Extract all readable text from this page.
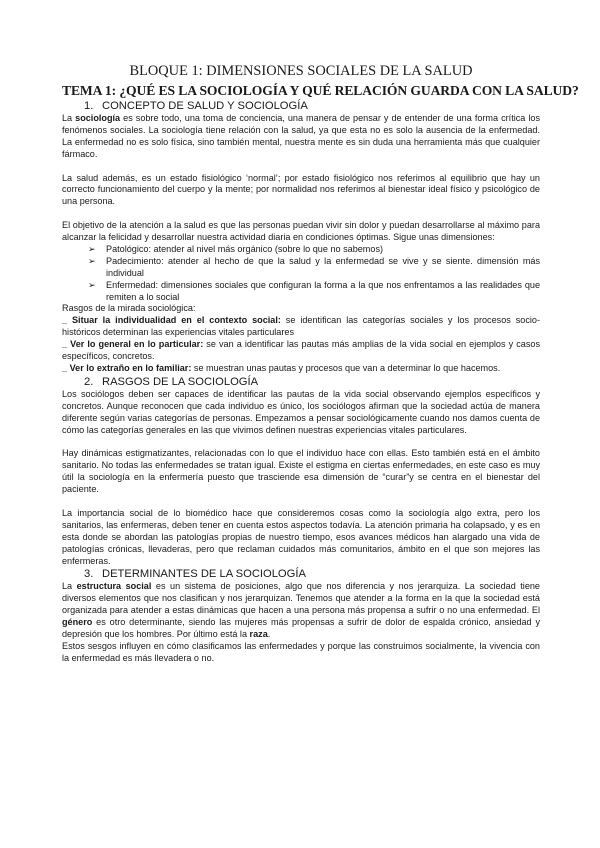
BLOQUE 1: DIMENSIONES SOCIALES DE LA SALUD
TEMA 1: ¿QUÉ ES LA SOCIOLOGÍA Y QUÉ RELACIÓN GUARDA CON LA SALUD?
1. CONCEPTO DE SALUD Y SOCIOLOGÍA

La sociología es sobre todo, una toma de conciencia, una manera de pensar y de entender de una forma crítica los fenómenos sociales. La sociología tiene relación con la salud, ya que esta no es solo la ausencia de la enfermedad. La enfermedad no es solo física, sino también mental, nuestra mente es sin duda una herramienta más que cualquier fármaco.

La salud además, es un estado fisiológico ‘normal’; por estado fisiológico nos referimos al equilibrio que hay un correcto funcionamiento del cuerpo y la mente; por normalidad nos referimos al bienestar ideal físico y psicológico de una persona.

El objetivo de la atención a la salud es que las personas puedan vivir sin dolor y puedan desarrollarse al máximo para alcanzar la felicidad y desarrollar nuestra actividad diaria en condiciones óptimas. Sigue unas dimensiones:

➢ Patológico: atender al nivel más orgánico (sobre lo que no sabemos)
➢ Padecimiento: atender al hecho de que la salud y la enfermedad se vive y se siente. dimensión más individual
➢ Enfermedad: dimensiones sociales que configuran la forma a la que nos enfrentamos a las realidades que remiten a lo social

Rasgos de la mirada sociológica:

_ Situar la individualidad en el contexto social: se identifican las categorías sociales y los procesos socio-históricos determinan las experiencias vitales particulares

_ Ver lo general en lo particular: se van a identificar las pautas más amplias de la vida social en ejemplos y casos específicos, concretos.

_ Ver lo extraño en lo familiar: se muestran unas pautas y procesos que van a determinar lo que hacemos.

2. RASGOS DE LA SOCIOLOGÍA

Los sociólogos deben ser capaces de identificar las pautas de la vida social observando ejemplos específicos y concretos. Aunque reconocen que cada individuo es único, los sociólogos afirman que la sociedad actúa de manera diferente según varias categorías de personas. Empezamos a pensar sociológicamente cuando nos damos cuenta de cómo las categorías generales en las que vivimos definen nuestras experiencias vitales particulares.

Hay dinámicas estigmatizantes, relacionadas con lo que el individuo hace con ellas. Esto también está en el ámbito sanitario. No todas las enfermedades se tratan igual. Existe el estigma en ciertas enfermedades, en este caso es muy útil la sociología en la enfermería puesto que trasciende esa dimensión de “curar”y se centra en el bienestar del paciente.

La importancia social de lo biomédico hace que consideremos cosas como la sociología algo extra, pero los sanitarios, las enfermeras, deben tener en cuenta estos aspectos todavía. La atención primaria ha colapsado, y es en esta donde se abordan las patologías propias de nuestro tiempo, esos avances médicos han alargado una vida de patologías crónicas, llevaderas, pero que reclaman cuidados más comunitarios, ámbito en el que son mejores las enfermeras.

3. DETERMINANTES DE LA SOCIOLOGÍA

La estructura social es un sistema de posiciones, algo que nos diferencia y nos jerarquiza. La sociedad tiene diversos elementos que nos clasifican y nos jerarquizan. Tenemos que atender a la forma en la que la sociedad está organizada para atender a estas dinámicas que hacen a una persona más propensa a sufrir o no una enfermedad. El género es otro determinante, siendo las mujeres más propensas a sufrir de dolor de espalda crónico, ansiedad y depresión que los hombres. Por último está la raza.

Estos sesgos influyen en cómo clasificamos las enfermedades y porque las construimos socialmente, la vivencia con la enfermedad es más llevadera o no.
